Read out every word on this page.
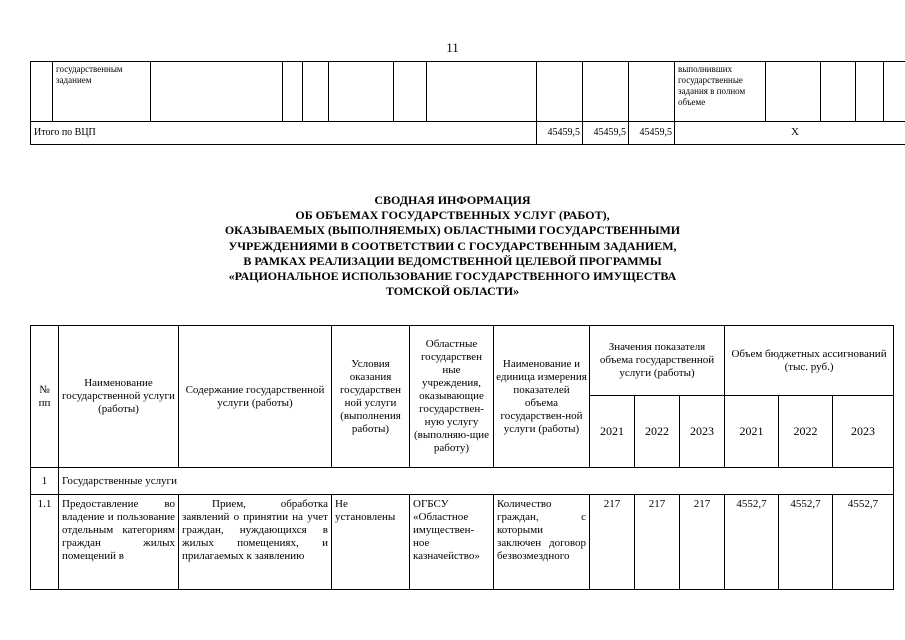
11
	государственным заданием										выполнивших государственные задания в полном объеме				
Итого по ВЦП								45459,5	45459,5	45459,5	Х				
СВОДНАЯ ИНФОРМАЦИЯ
ОБ ОБЪЕМАХ ГОСУДАРСТВЕННЫХ УСЛУГ (РАБОТ),
ОКАЗЫВАЕМЫХ (ВЫПОЛНЯЕМЫХ) ОБЛАСТНЫМИ ГОСУДАРСТВЕННЫМИ
УЧРЕЖДЕНИЯМИ В СООТВЕТСТВИИ С ГОСУДАРСТВЕННЫМ ЗАДАНИЕМ,
В РАМКАХ РЕАЛИЗАЦИИ ВЕДОМСТВЕННОЙ ЦЕЛЕВОЙ ПРОГРАММЫ
«РАЦИОНАЛЬНОЕ ИСПОЛЬЗОВАНИЕ ГОСУДАРСТВЕННОГО ИМУЩЕСТВА
ТОМСКОЙ ОБЛАСТИ»
№ пп	Наименование государственной услуги (работы)	Содержание государственной услуги (работы)	Условия оказания государствен ной услуги (выполнения работы)	Областные государствен ные учреждения, оказывающие государствен-ную услугу (выполняю-щие работу)	Наименование и единица измерения показателей объема государствен-ной услуги (работы)	Значения показателя объема государственной услуги (работы)			Объем бюджетных ассигнований (тыс. руб.)		
						2021	2022	2023	2021	2022	2023
1	Государственные услуги										
1.1	Предоставление во владение и пользование отдельным категориям граждан жилых помещений в	Прием, обработка заявлений о принятии на учет граждан, нуждающихся в жилых помещениях, и прилагаемых к заявлению	Не установлены	ОГБСУ «Областное имуществен-ное казначейство»	Количество граждан, с которыми заключен договор безвозмездного	217	217	217	4552,7	4552,7	4552,7
